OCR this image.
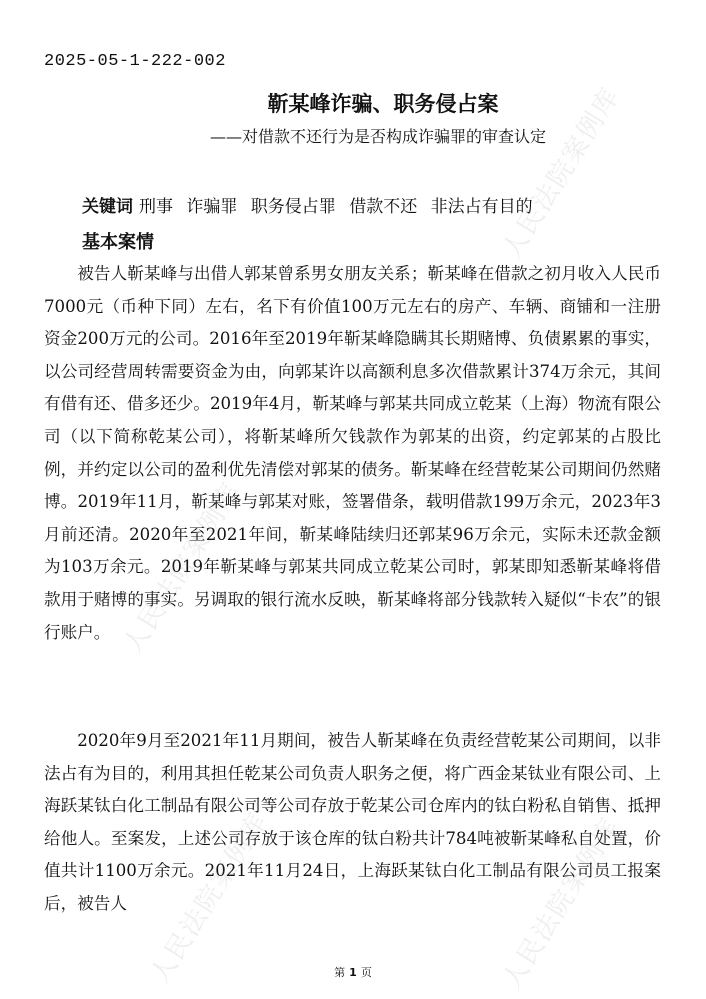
2025-05-1-222-002
靳某峰诈骗、职务侵占案
——对借款不还行为是否构成诈骗罪的审查认定
关键词 刑事 诈骗罪 职务侵占罪 借款不还 非法占有目的
基本案情

被告人靳某峰与出借人郭某曾系男女朋友关系；靳某峰在借款之初月收入人民币7000元（币种下同）左右，名下有价值100万元左右的房产、车辆、商铺和一注册资金200万元的公司。2016年至2019年靳某峰隐瞒其长期赌博、负债累累的事实，以公司经营周转需要资金为由，向郭某许以高额利息多次借款累计374万余元，其间有借有还、借多还少。2019年4月，靳某峰与郭某共同成立乾某（上海）物流有限公司（以下简称乾某公司），将靳某峰所欠钱款作为郭某的出资，约定郭某的占股比例，并约定以公司的盈利优先清偿对郭某的债务。靳某峰在经营乾某公司期间仍然赌博。2019年11月，靳某峰与郭某对账，签署借条，载明借款199万余元，2023年3月前还清。2020年至2021年间，靳某峰陆续归还郭某96万余元，实际未还款金额为103万余元。2019年靳某峰与郭某共同成立乾某公司时，郭某即知悉靳某峰将借款用于赌博的事实。另调取的银行流水反映，靳某峰将部分钱款转入疑似“卡农”的银行账户。

2020年9月至2021年11月期间，被告人靳某峰在负责经营乾某公司期间，以非法占有为目的，利用其担任乾某公司负责人职务之便，将广西金某钛业有限公司、上海跃某钛白化工制品有限公司等公司存放于乾某公司仓库内的钛白粉私自销售、抵押给他人。至案发，上述公司存放于该仓库的钛白粉共计784吨被靳某峰私自处置，价值共计1100万余元。2021年11月24日，上海跃某钛白化工制品有限公司员工报案后，被告人

第 1 页
人民法院案例库
人民法院案例库
人民法院案例库
人民法院案例库
